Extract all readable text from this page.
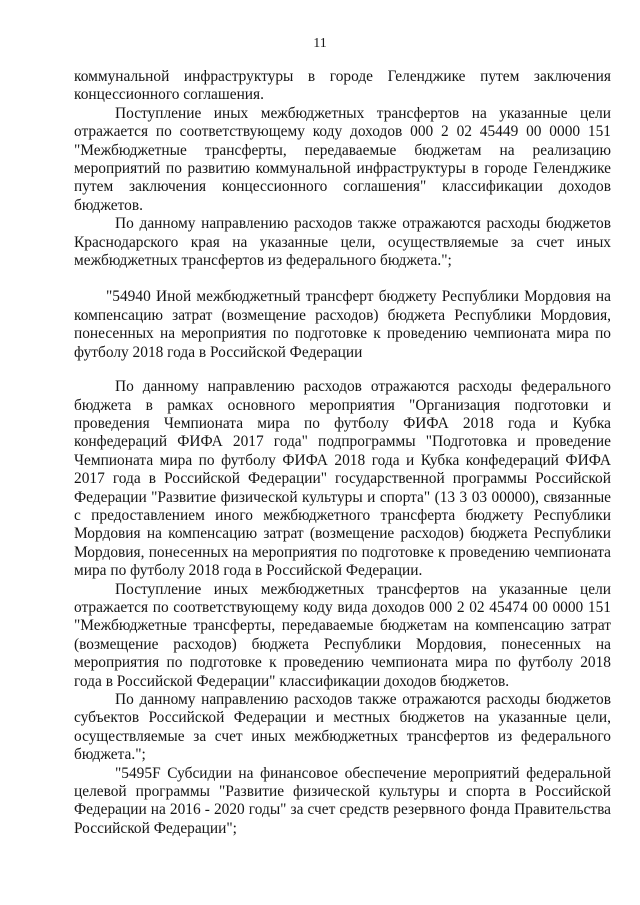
11

коммунальной инфраструктуры в городе Геленджике путем заключения концессионного соглашения.

Поступление иных межбюджетных трансфертов на указанные цели отражается по соответствующему коду доходов 000 2 02 45449 00 0000 151 "Межбюджетные трансферты, передаваемые бюджетам на реализацию мероприятий по развитию коммунальной инфраструктуры в городе Геленджике путем заключения концессионного соглашения" классификации доходов бюджетов.

По данному направлению расходов также отражаются расходы бюджетов Краснодарского края на указанные цели, осуществляемые за счет иных межбюджетных трансфертов из федерального бюджета.";

"54940 Иной межбюджетный трансферт бюджету Республики Мордовия на компенсацию затрат (возмещение расходов) бюджета Республики Мордовия, понесенных на мероприятия по подготовке к проведению чемпионата мира по футболу 2018 года в Российской Федерации

По данному направлению расходов отражаются расходы федерального бюджета в рамках основного мероприятия "Организация подготовки и проведения Чемпионата мира по футболу ФИФА 2018 года и Кубка конфедераций ФИФА 2017 года" подпрограммы "Подготовка и проведение Чемпионата мира по футболу ФИФА 2018 года и Кубка конфедераций ФИФА 2017 года в Российской Федерации" государственной программы Российской Федерации "Развитие физической культуры и спорта" (13 3 03 00000), связанные с предоставлением иного межбюджетного трансферта бюджету Республики Мордовия на компенсацию затрат (возмещение расходов) бюджета Республики Мордовия, понесенных на мероприятия по подготовке к проведению чемпионата мира по футболу 2018 года в Российской Федерации.

Поступление иных межбюджетных трансфертов на указанные цели отражается по соответствующему коду вида доходов 000 2 02 45474 00 0000 151 "Межбюджетные трансферты, передаваемые бюджетам на компенсацию затрат (возмещение расходов) бюджета Республики Мордовия, понесенных на мероприятия по подготовке к проведению чемпионата мира по футболу 2018 года в Российской Федерации" классификации доходов бюджетов.

По данному направлению расходов также отражаются расходы бюджетов субъектов Российской Федерации и местных бюджетов на указанные цели, осуществляемые за счет иных межбюджетных трансфертов из федерального бюджета.";

"5495F Субсидии на финансовое обеспечение мероприятий федеральной целевой программы "Развитие физической культуры и спорта в Российской Федерации на 2016 - 2020 годы" за счет средств резервного фонда Правительства Российской Федерации";
